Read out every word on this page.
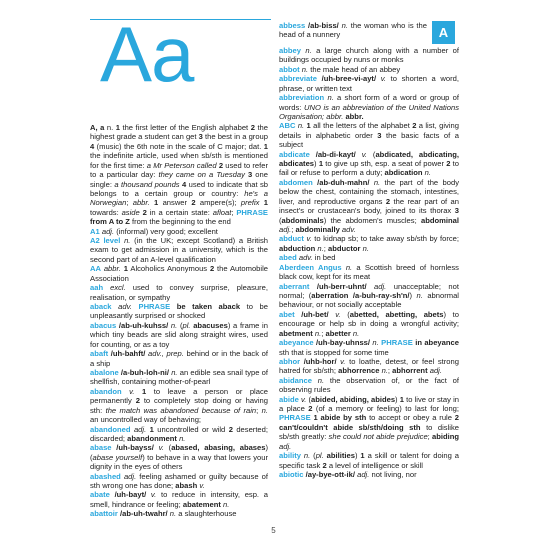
Aa	A

A, a n. 1 the first letter of the English alphabet 2 the highest grade a student can get 3 the best in a group 4 (music) the 6th note in the scale of C major; dat. 1 the indefinite article, used when sb/sth is mentioned for the first time: a Mr Peterson called 2 used to refer to a particular day: they came on a Tuesday 3 one single: a thousand pounds 4 used to indicate that sb belongs to a certain group or country: he's a Norwegian; abbr. 1 answer 2 ampere(s); prefix 1 towards: aside 2 in a certain state: afloat; PHRASE from A to Z from the beginning to the end

A1 adj. (informal) very good; excellent

A2 level n. (in the UK; except Scotland) a British exam to get admission in a university, which is the second part of an A-level qualification

AA abbr. 1 Alcoholics Anonymous 2 the Automobile Association

aah excl. used to convey surprise, pleasure, realisation, or sympathy

aback adv. PHRASE be taken aback to be unpleasantly surprised or shocked

abacus /ab-uh-kuhss/ n. (pl. abacuses) a frame in which tiny beads are slid along straight wires, used for counting, or as a toy

abaft /uh-bahft/ adv., prep. behind or in the back of a ship

abalone /a-buh-loh-ni/ n. an edible sea snail type of shellfish, containing mother-of-pearl

abandon v. 1 to leave a person or place permanently 2 to completely stop doing or having sth: the match was abandoned because of rain; n. an uncontrolled way of behaving;

abandoned adj. 1 uncontrolled or wild 2 deserted; discarded; abandonment n.

abase /uh-bayss/ v. (abased, abasing, abases) (abase yourself) to behave in a way that lowers your dignity in the eyes of others

abashed adj. feeling ashamed or guilty because of sth wrong one has done; abash v.

abate /uh-bayt/ v. to reduce in intensity, esp. a smell, hindrance or feeling; abatement n.

abattoir /ab-uh-twahr/ n. a slaughterhouse

abbess /ab-biss/ n. the woman who is the head of a nunnery

abbey n. a large church along with a number of buildings occupied by nuns or monks

abbot n. the male head of an abbey

abbreviate /uh-bree-vi-ayt/ v. to shorten a word, phrase, or written text

abbreviation n. a short form of a word or group of words: UNO is an abbreviation of the United Nations Organisation; abbr. abbr.

ABC n. 1 all the letters of the alphabet 2 a list, giving details in alphabetic order 3 the basic facts of a subject

abdicate /ab-di-kayt/ v. (abdicated, abdicating, abdicates) 1 to give up sth, esp. a seat of power 2 to fail or refuse to perform a duty; abdication n.

abdomen /ab-duh-mahn/ n. the part of the body below the chest, containing the stomach, intestines, liver, and reproductive organs 2 the rear part of an insect's or crustacean's body, joined to its thorax 3 (abdominals) the abdomen's muscles; abdominal adj.; abdominally adv.

abduct v. to kidnap sb; to take away sb/sth by force; abduction n.; abductor n.

abed adv. in bed

Aberdeen Angus n. a Scottish breed of hornless black cow, kept for its meat

aberrant /uh-berr-uhnt/ adj. unacceptable; not normal; (aberration /a-buh-ray-sh'n/) n. abnormal behaviour, or not socially acceptable

abet /uh-bet/ v. (abetted, abetting, abets) to encourage or help sb in doing a wrongful activity; abetment n.; abetter n.

abeyance /uh-bay-uhnss/ n. PHRASE in abeyance sth that is stopped for some time

abhor /uhb-hor/ v. to loathe, detest, or feel strong hatred for sb/sth; abhorrence n.; abhorrent adj.

abidance n. the observation of, or the fact of observing rules

abide v. (abided, abiding, abides) 1 to live or stay in a place 2 (of a memory or feeling) to last for long; PHRASE 1 abide by sth to accept or obey a rule 2 can't/couldn't abide sb/sth/doing sth to dislike sb/sth greatly: she could not abide prejudice; abiding adj.

ability n. (pl. abilities) 1 a skill or talent for doing a specific task 2 a level of intelligence or skill

abiotic /ay-bye-ott-ik/ adj. not living, nor

5
